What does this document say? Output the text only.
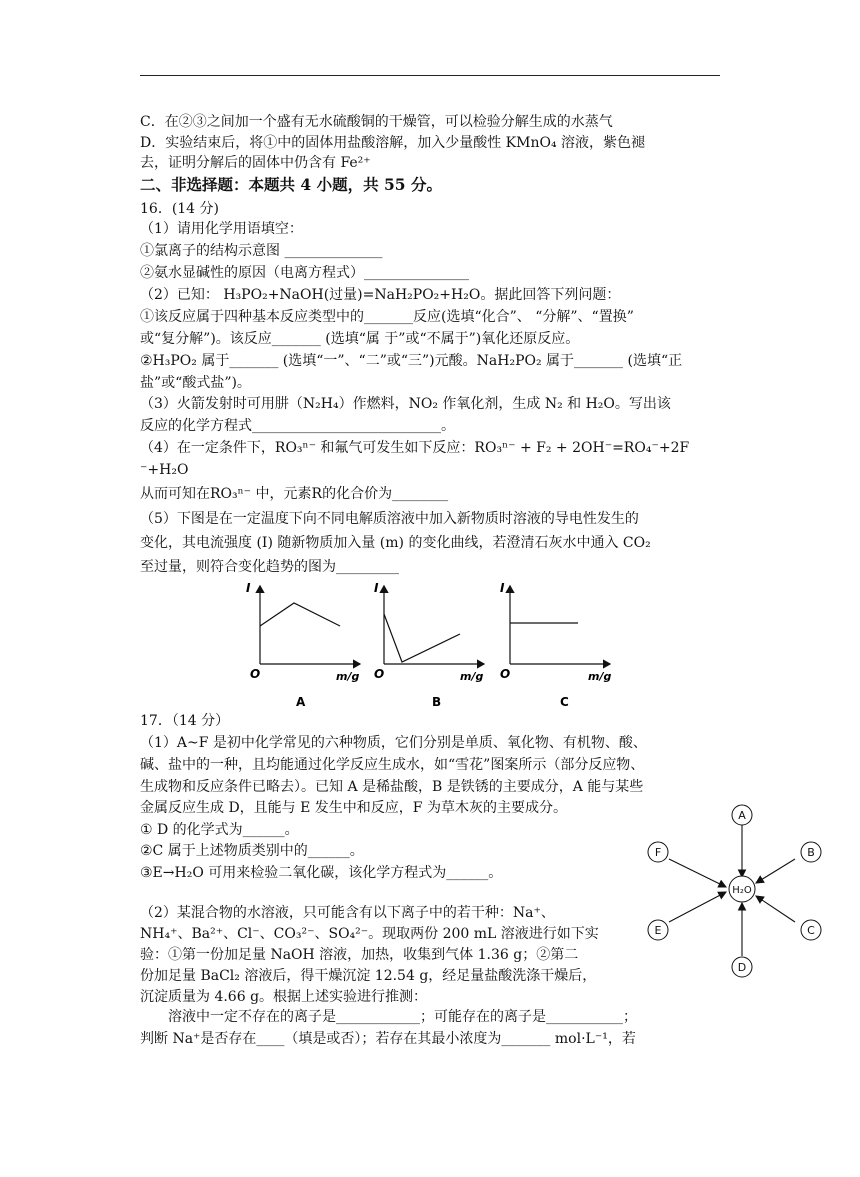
C．在②③之间加一个盛有无水硫酸铜的干燥管，可以检验分解生成的水蒸气
D．实验结束后，将①中的固体用盐酸溶解，加入少量酸性 KMnO₄ 溶液，紫色褪
去，证明分解后的固体中仍含有 Fe²⁺
二、非选择题：本题共 4 小题，共 55 分。
16．(14 分)
（1）请用化学用语填空：
①氯离子的结构示意图 ______________
②氨水显碱性的原因（电离方程式）_______________
（2）已知： H₃PO₂+NaOH(过量)=NaH₂PO₂+H₂O。据此回答下列问题：
①该反应属于四种基本反应类型中的_______反应(选填“化合”、 “分解”、“置换”
或“复分解”)。该反应_______ (选填“属 于”或“不属于”)氧化还原反应。
②H₃PO₂ 属于_______ (选填“一”、“二”或“三”)元酸。NaH₂PO₂ 属于_______ (选填“正
盐”或“酸式盐”)。
（3）火箭发射时可用肼（N₂H₄）作燃料，NO₂ 作氧化剂，生成 N₂ 和 H₂O。写出该
反应的化学方程式___________________________。
（4）在一定条件下，RO₃ⁿ⁻ 和氟气可发生如下反应：RO₃ⁿ⁻ + F₂ + 2OH⁻=RO₄⁻+2F
⁻+H₂O
从而可知在RO₃ⁿ⁻ 中，元素R的化合价为________
（5）下图是在一定温度下向不同电解质溶液中加入新物质时溶液的导电性发生的
变化，其电流强度 (I) 随新物质加入量 (m) 的变化曲线，若澄清石灰水中通入 CO₂
至过量，则符合变化趋势的图为_________
I
O	m/g
A
I
O	m/g
B
I
O	m/g
C
17．（14 分）
（1）A~F 是初中化学常见的六种物质，它们分别是单质、氧化物、有机物、酸、
碱、盐中的一种，且均能通过化学反应生成水，如“雪花”图案所示（部分反应物、
生成物和反应条件已略去）。已知 A 是稀盐酸，B 是铁锈的主要成分，A 能与某些
金属反应生成 D，且能与 E 发生中和反应，F 为草木灰的主要成分。
① D 的化学式为______。
②C 属于上述物质类别中的______。
③E→H₂O 可用来检验二氧化碳，该化学方程式为______。
（2）某混合物的水溶液，只可能含有以下离子中的若干种：Na⁺、
NH₄⁺、Ba²⁺、Cl⁻、CO₃²⁻、SO₄²⁻。现取两份 200 mL 溶液进行如下实
验：①第一份加足量 NaOH 溶液，加热，收集到气体 1.36 g；②第二
份加足量 BaCl₂ 溶液后，得干燥沉淀 12.54 g，经足量盐酸洗涤干燥后，
沉淀质量为 4.66 g。根据上述实验进行推测：
溶液中一定不存在的离子是____________；可能存在的离子是___________；
判断 Na⁺是否存在____（填是或否）；若存在其最小浓度为_______ mol·L⁻¹，若
H₂O
A
B
C
D
E
F
